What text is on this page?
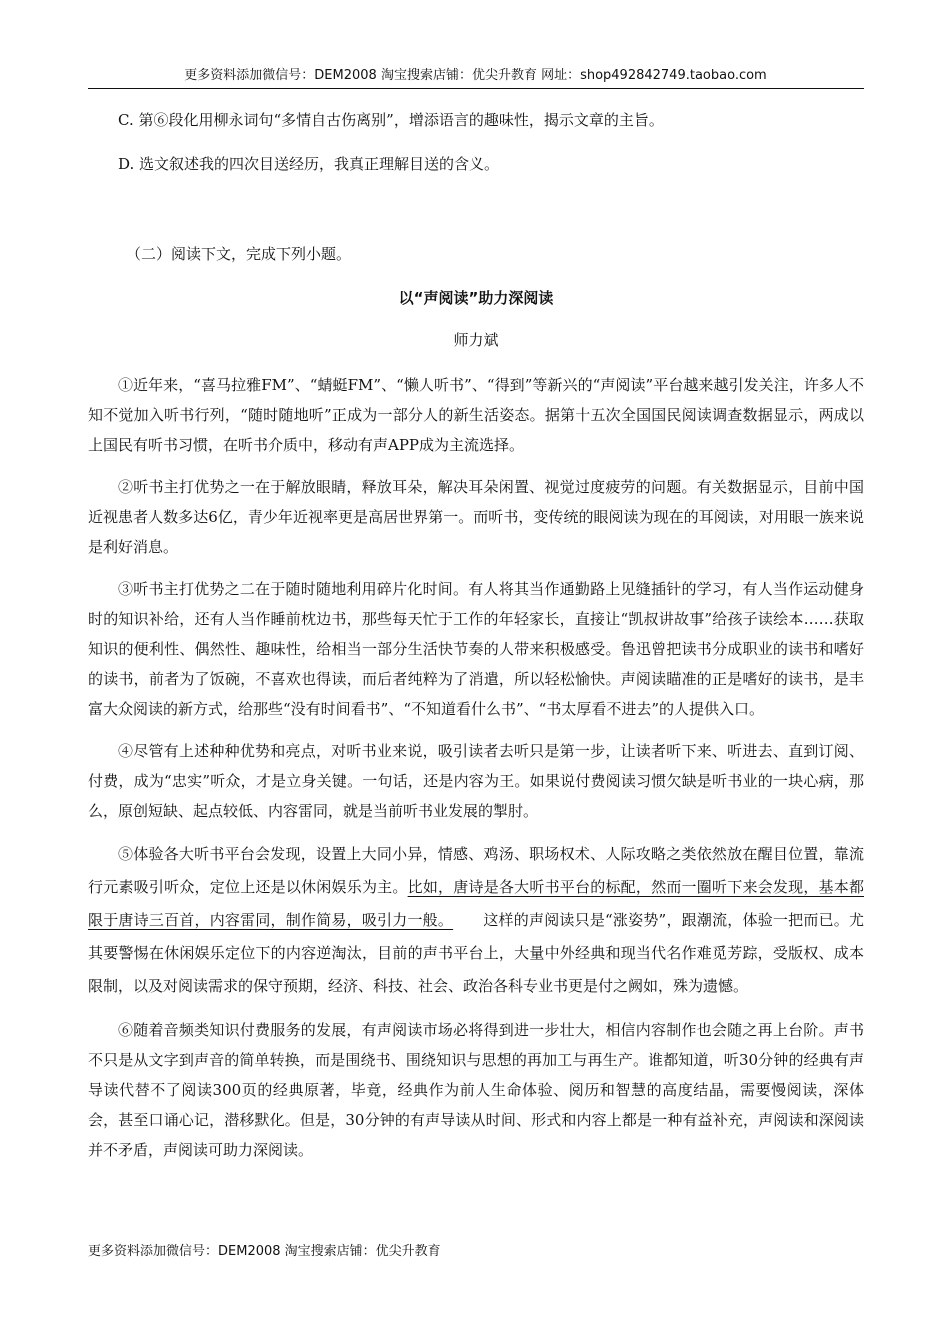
更多资料添加微信号：DEM2008 淘宝搜索店铺：优尖升教育 网址：shop492842749.taobao.com

C. 第⑥段化用柳永词句“多情自古伤离别”，增添语言的趣味性，揭示文章的主旨。

D. 选文叙述我的四次目送经历，我真正理解目送的含义。

（二）阅读下文，完成下列小题。

以“声阅读”助力深阅读

师力斌

①近年来，“喜马拉雅FM”、“蜻蜓FM”、“懒人听书”、“得到”等新兴的“声阅读”平台越来越引发关注，许多人不知不觉加入听书行列，“随时随地听”正成为一部分人的新生活姿态。据第十五次全国国民阅读调查数据显示，两成以上国民有听书习惯，在听书介质中，移动有声APP成为主流选择。

②听书主打优势之一在于解放眼睛，释放耳朵，解决耳朵闲置、视觉过度疲劳的问题。有关数据显示，目前中国近视患者人数多达6亿，青少年近视率更是高居世界第一。而听书，变传统的眼阅读为现在的耳阅读，对用眼一族来说是利好消息。

③听书主打优势之二在于随时随地利用碎片化时间。有人将其当作通勤路上见缝插针的学习，有人当作运动健身时的知识补给，还有人当作睡前枕边书，那些每天忙于工作的年轻家长，直接让“凯叔讲故事”给孩子读绘本……获取知识的便利性、偶然性、趣味性，给相当一部分生活快节奏的人带来积极感受。鲁迅曾把读书分成职业的读书和嗜好的读书，前者为了饭碗，不喜欢也得读，而后者纯粹为了消遣，所以轻松愉快。声阅读瞄准的正是嗜好的读书，是丰富大众阅读的新方式，给那些“没有时间看书”、“不知道看什么书”、“书太厚看不进去”的人提供入口。

④尽管有上述种种优势和亮点，对听书业来说，吸引读者去听只是第一步，让读者听下来、听进去、直到订阅、付费，成为“忠实”听众，才是立身关键。一句话，还是内容为王。如果说付费阅读习惯欠缺是听书业的一块心病，那么，原创短缺、起点较低、内容雷同，就是当前听书业发展的掣肘。

⑤体验各大听书平台会发现，设置上大同小异，情感、鸡汤、职场权术、人际攻略之类依然放在醒目位置，靠流行元素吸引听众，定位上还是以休闲娱乐为主。比如，唐诗是各大听书平台的标配，然而一圈听下来会发现，基本都限于唐诗三百首，内容雷同，制作简易，吸引力一般。 这样的声阅读只是“涨姿势”，跟潮流，体验一把而已。尤其要警惕在休闲娱乐定位下的内容逆淘汰，目前的声书平台上，大量中外经典和现当代名作难觅芳踪，受版权、成本限制，以及对阅读需求的保守预期，经济、科技、社会、政治各科专业书更是付之阙如，殊为遗憾。

⑥随着音频类知识付费服务的发展，有声阅读市场必将得到进一步壮大，相信内容制作也会随之再上台阶。声书不只是从文字到声音的简单转换，而是围绕书、围绕知识与思想的再加工与再生产。谁都知道，听30分钟的经典有声导读代替不了阅读300页的经典原著，毕竟，经典作为前人生命体验、阅历和智慧的高度结晶，需要慢阅读，深体会，甚至口诵心记，潜移默化。但是，30分钟的有声导读从时间、形式和内容上都是一种有益补充，声阅读和深阅读并不矛盾，声阅读可助力深阅读。

更多资料添加微信号：DEM2008 淘宝搜索店铺：优尖升教育
